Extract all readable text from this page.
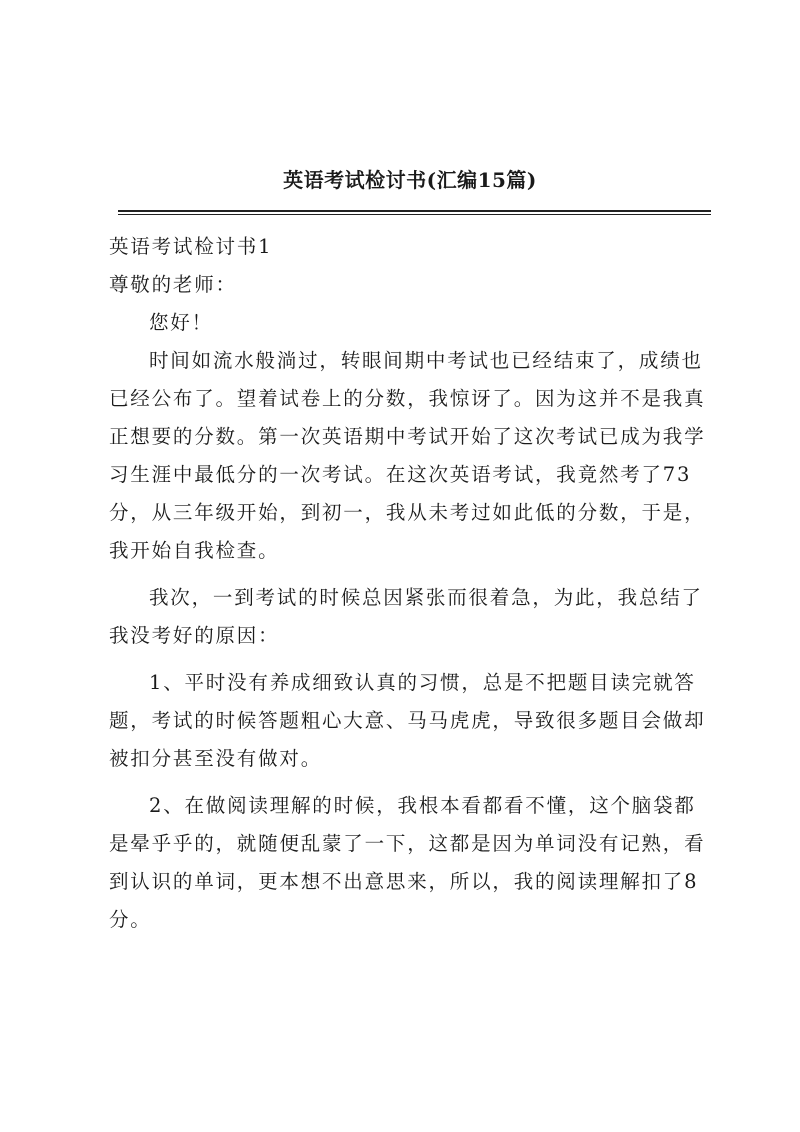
英语考试检讨书(汇编15篇)

英语考试检讨书1

尊敬的老师：

您好！

时间如流水般淌过，转眼间期中考试也已经结束了，成绩也

已经公布了。望着试卷上的分数，我惊讶了。因为这并不是我真
正想要的分数。第一次英语期中考试开始了这次考试已成为我学
习生涯中最低分的一次考试。在这次英语考试，我竟然考了73
分，从三年级开始，到初一，我从未考过如此低的分数，于是，
我开始自我检查。

我次，一到考试的时候总因紧张而很着急，为此，我总结了

我没考好的原因：

1、平时没有养成细致认真的习惯，总是不把题目读完就答

题，考试的时候答题粗心大意、马马虎虎，导致很多题目会做却
被扣分甚至没有做对。

2、在做阅读理解的时候，我根本看都看不懂，这个脑袋都

是晕乎乎的，就随便乱蒙了一下，这都是因为单词没有记熟，看
到认识的单词，更本想不出意思来，所以，我的阅读理解扣了8
分。
